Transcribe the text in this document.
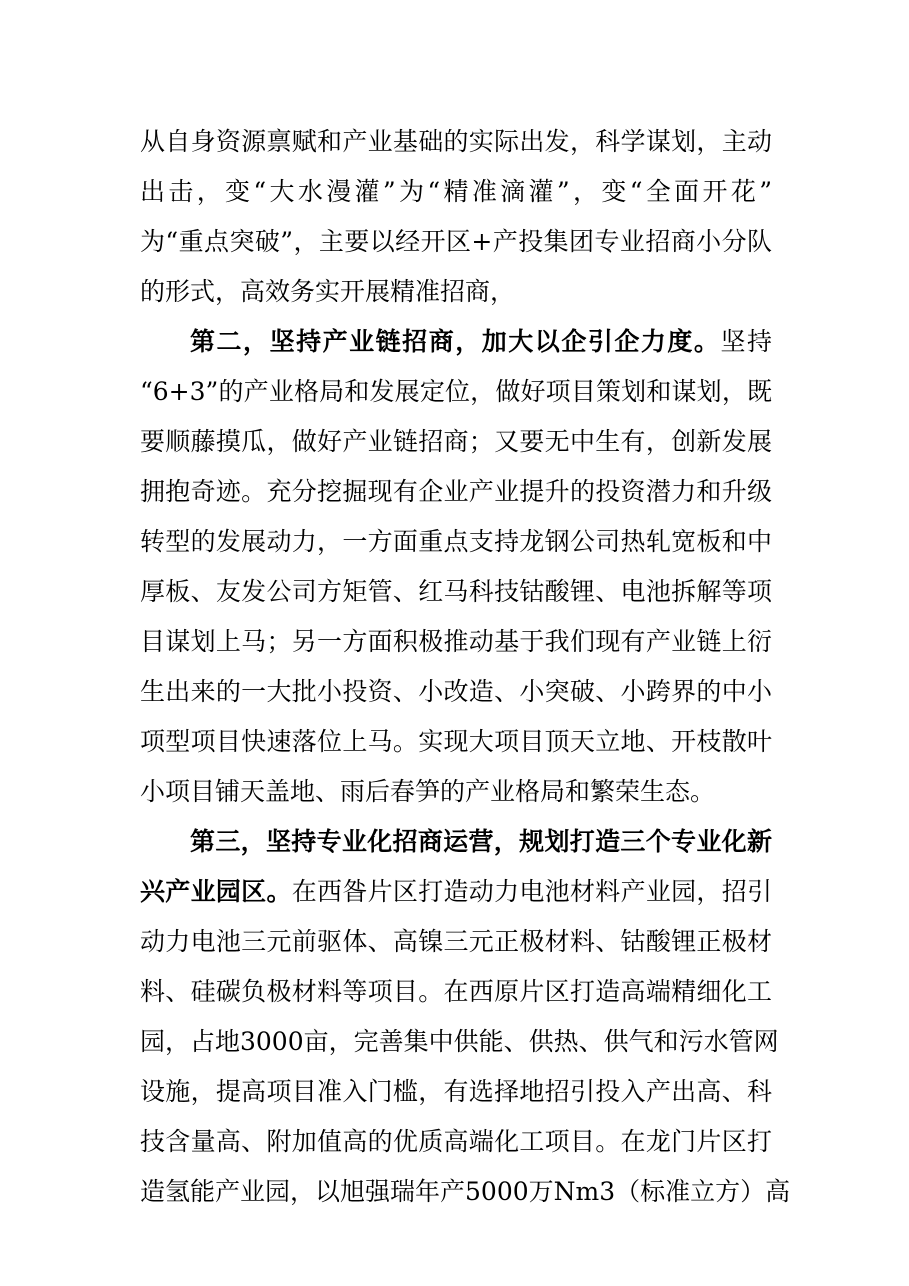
从自身资源禀赋和产业基础的实际出发，科学谋划，主动
出击，变“大水漫灌”为“精准滴灌”，变“全面开花”
为“重点突破”，主要以经开区+产投集团专业招商小分队
的形式，高效务实开展精准招商，
第二，坚持产业链招商，加大以企引企力度。坚持
“6+3”的产业格局和发展定位，做好项目策划和谋划，既
要顺藤摸瓜，做好产业链招商；又要无中生有，创新发展
拥抱奇迹。充分挖掘现有企业产业提升的投资潜力和升级
转型的发展动力，一方面重点支持龙钢公司热轧宽板和中
厚板、友发公司方矩管、红马科技钴酸锂、电池拆解等项
目谋划上马；另一方面积极推动基于我们现有产业链上衍
生出来的一大批小投资、小改造、小突破、小跨界的中小
项型项目快速落位上马。实现大项目顶天立地、开枝散叶
小项目铺天盖地、雨后春笋的产业格局和繁荣生态。
第三，坚持专业化招商运营，规划打造三个专业化新
兴产业园区。在西昝片区打造动力电池材料产业园，招引
动力电池三元前驱体、高镍三元正极材料、钴酸锂正极材
料、硅碳负极材料等项目。在西原片区打造高端精细化工
园，占地3000亩，完善集中供能、供热、供气和污水管网
设施，提高项目准入门槛，有选择地招引投入产出高、科
技含量高、附加值高的优质高端化工项目。在龙门片区打
造氢能产业园，以旭强瑞年产5000万Nm3（标准立方）高
